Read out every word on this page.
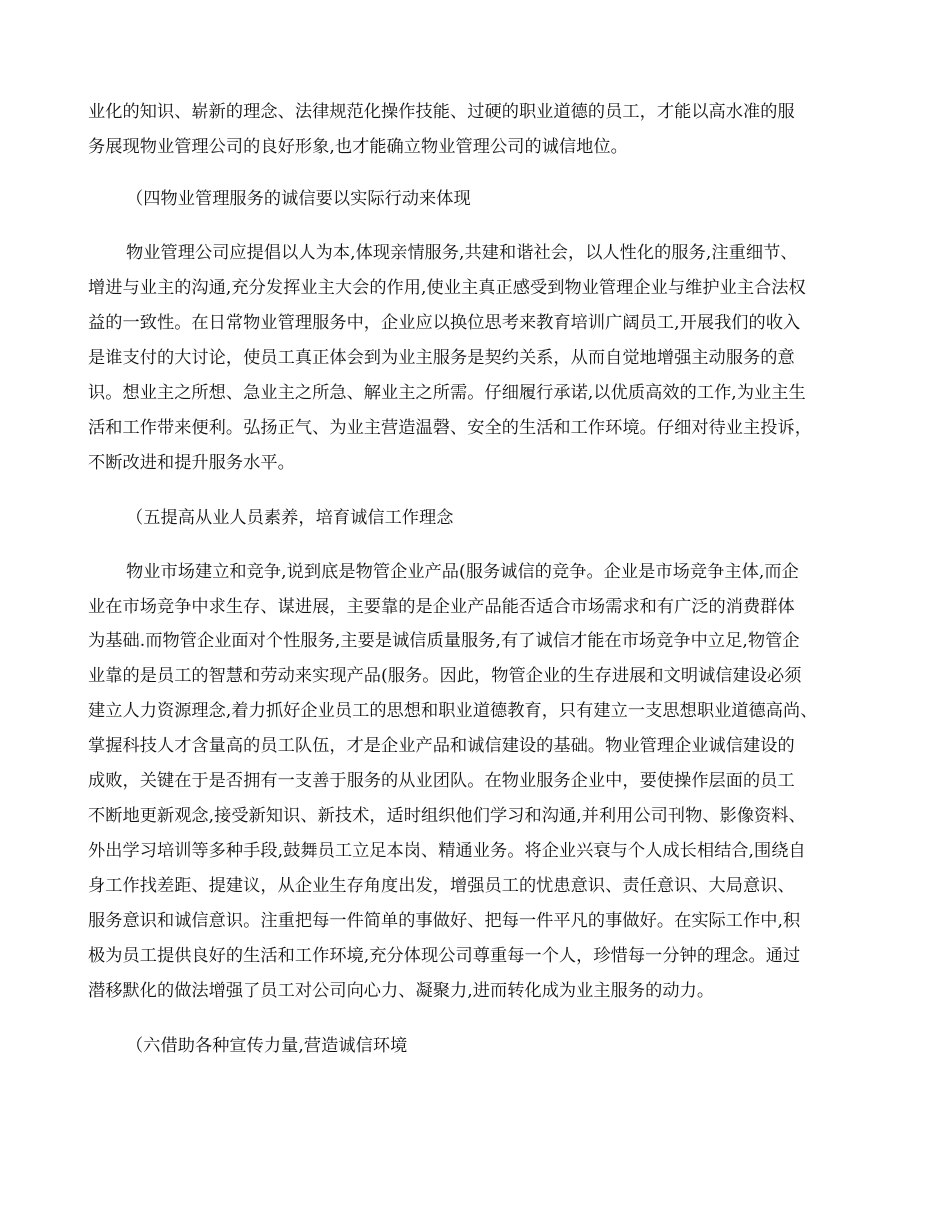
业化的知识、崭新的理念、法律规范化操作技能、过硬的职业道德的员工，才能以高水准的服
务展现物业管理公司的良好形象,也才能确立物业管理公司的诚信地位。
（四物业管理服务的诚信要以实际行动来体现
物业管理公司应提倡以人为本,体现亲情服务,共建和谐社会，以人性化的服务,注重细节、
增进与业主的沟通,充分发挥业主大会的作用,使业主真正感受到物业管理企业与维护业主合法权
益的一致性。在日常物业管理服务中，企业应以换位思考来教育培训广阔员工,开展我们的收入
是谁支付的大讨论，使员工真正体会到为业主服务是契约关系，从而自觉地增强主动服务的意
识。想业主之所想、急业主之所急、解业主之所需。仔细履行承诺,以优质高效的工作,为业主生
活和工作带来便利。弘扬正气、为业主营造温磬、安全的生活和工作环境。仔细对待业主投诉，
不断改进和提升服务水平。
（五提高从业人员素养，培育诚信工作理念
物业市场建立和竞争,说到底是物管企业产品(服务诚信的竞争。企业是市场竞争主体,而企
业在市场竞争中求生存、谋进展，主要靠的是企业产品能否适合市场需求和有广泛的消费群体
为基础.而物管企业面对个性服务,主要是诚信质量服务,有了诚信才能在市场竞争中立足,物管企
业靠的是员工的智慧和劳动来实现产品(服务。因此，物管企业的生存进展和文明诚信建设必须
建立人力资源理念,着力抓好企业员工的思想和职业道德教育，只有建立一支思想职业道德高尚、
掌握科技人才含量高的员工队伍，才是企业产品和诚信建设的基础。物业管理企业诚信建设的
成败，关键在于是否拥有一支善于服务的从业团队。在物业服务企业中，要使操作层面的员工
不断地更新观念,接受新知识、新技术，适时组织他们学习和沟通,并利用公司刊物、影像资料、
外出学习培训等多种手段,鼓舞员工立足本岗、精通业务。将企业兴衰与个人成长相结合,围绕自
身工作找差距、提建议，从企业生存角度出发，增强员工的忧患意识、责任意识、大局意识、
服务意识和诚信意识。注重把每一件简单的事做好、把每一件平凡的事做好。在实际工作中,积
极为员工提供良好的生活和工作环境,充分体现公司尊重每一个人，珍惜每一分钟的理念。通过
潜移默化的做法增强了员工对公司向心力、凝聚力,进而转化成为业主服务的动力。
（六借助各种宣传力量,营造诚信环境
